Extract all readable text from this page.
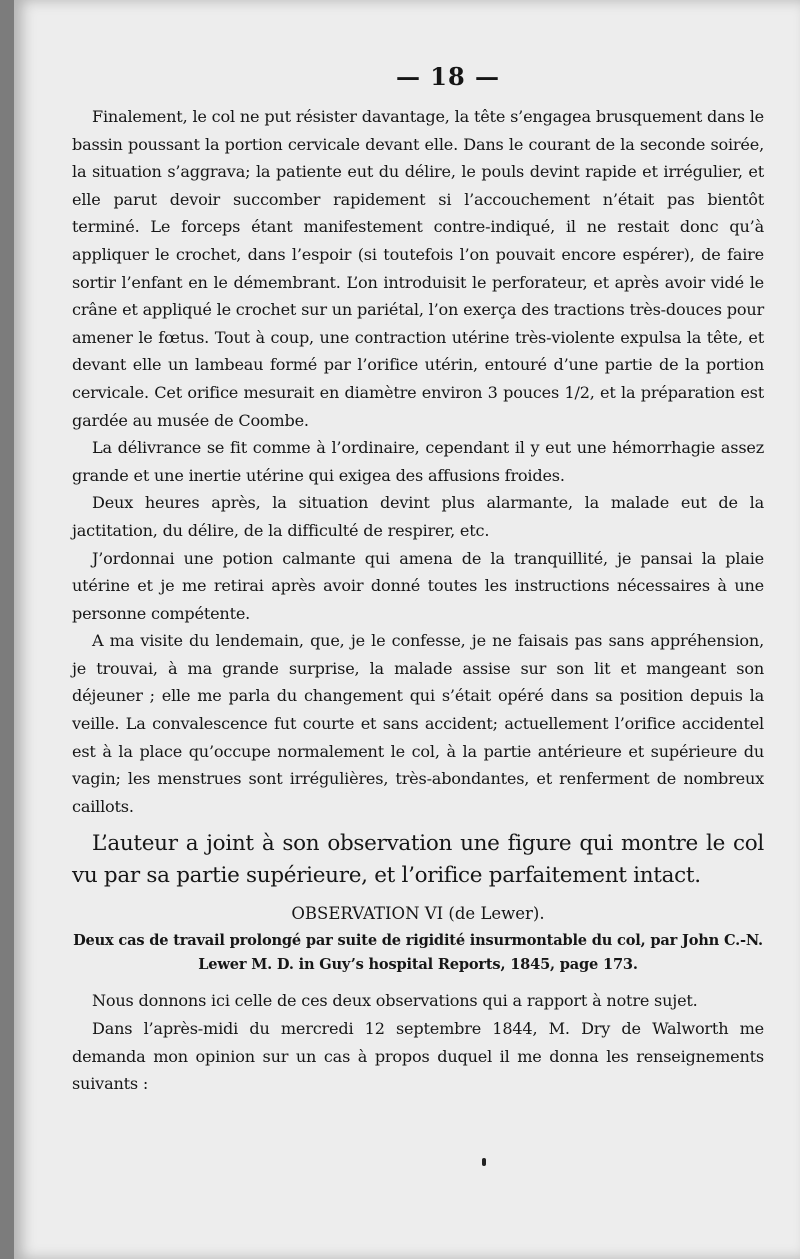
— 18 —

Finalement, le col ne put résister davantage, la tête s’engagea brusquement dans le bassin poussant la portion cervicale devant elle. Dans le courant de la seconde soirée, la situation s’aggrava; la patiente eut du délire, le pouls devint rapide et irrégulier, et elle parut devoir succomber rapidement si l’accouchement n’était pas bientôt terminé. Le forceps étant manifestement contre-indiqué, il ne restait donc qu’à appliquer le crochet, dans l’espoir (si toutefois l’on pouvait encore espérer), de faire sortir l’enfant en le démembrant. L’on introduisit le perforateur, et après avoir vidé le crâne et appliqué le crochet sur un pariétal, l’on exerça des tractions très-douces pour amener le fœtus. Tout à coup, une contraction utérine très-violente expulsa la tête, et devant elle un lambeau formé par l’orifice utérin, entouré d’une partie de la portion cervicale. Cet orifice mesurait en diamètre environ 3 pouces 1/2, et la préparation est gardée au musée de Coombe.

La délivrance se fit comme à l’ordinaire, cependant il y eut une hémorrhagie assez grande et une inertie utérine qui exigea des affusions froides.

Deux heures après, la situation devint plus alarmante, la malade eut de la jactitation, du délire, de la difficulté de respirer, etc.

J’ordonnai une potion calmante qui amena de la tranquillité, je pansai la plaie utérine et je me retirai après avoir donné toutes les instructions nécessaires à une personne compétente.

A ma visite du lendemain, que, je le confesse, je ne faisais pas sans appréhension, je trouvai, à ma grande surprise, la malade assise sur son lit et mangeant son déjeuner ; elle me parla du changement qui s’était opéré dans sa position depuis la veille. La convalescence fut courte et sans accident; actuellement l’orifice accidentel est à la place qu’occupe normalement le col, à la partie antérieure et supérieure du vagin; les menstrues sont irrégulières, très-abondantes, et renferment de nombreux caillots.

L’auteur a joint à son observation une figure qui montre le col vu par sa partie supérieure, et l’orifice parfaitement intact.

OBSERVATION VI (de Lewer).
Deux cas de travail prolongé par suite de rigidité insurmontable du col, par John C.-N. Lewer M. D. in Guy’s hospital Reports, 1845, page 173.

Nous donnons ici celle de ces deux observations qui a rapport à notre sujet.

Dans l’après-midi du mercredi 12 septembre 1844, M. Dry de Walworth me demanda mon opinion sur un cas à propos duquel il me donna les renseignements suivants :
